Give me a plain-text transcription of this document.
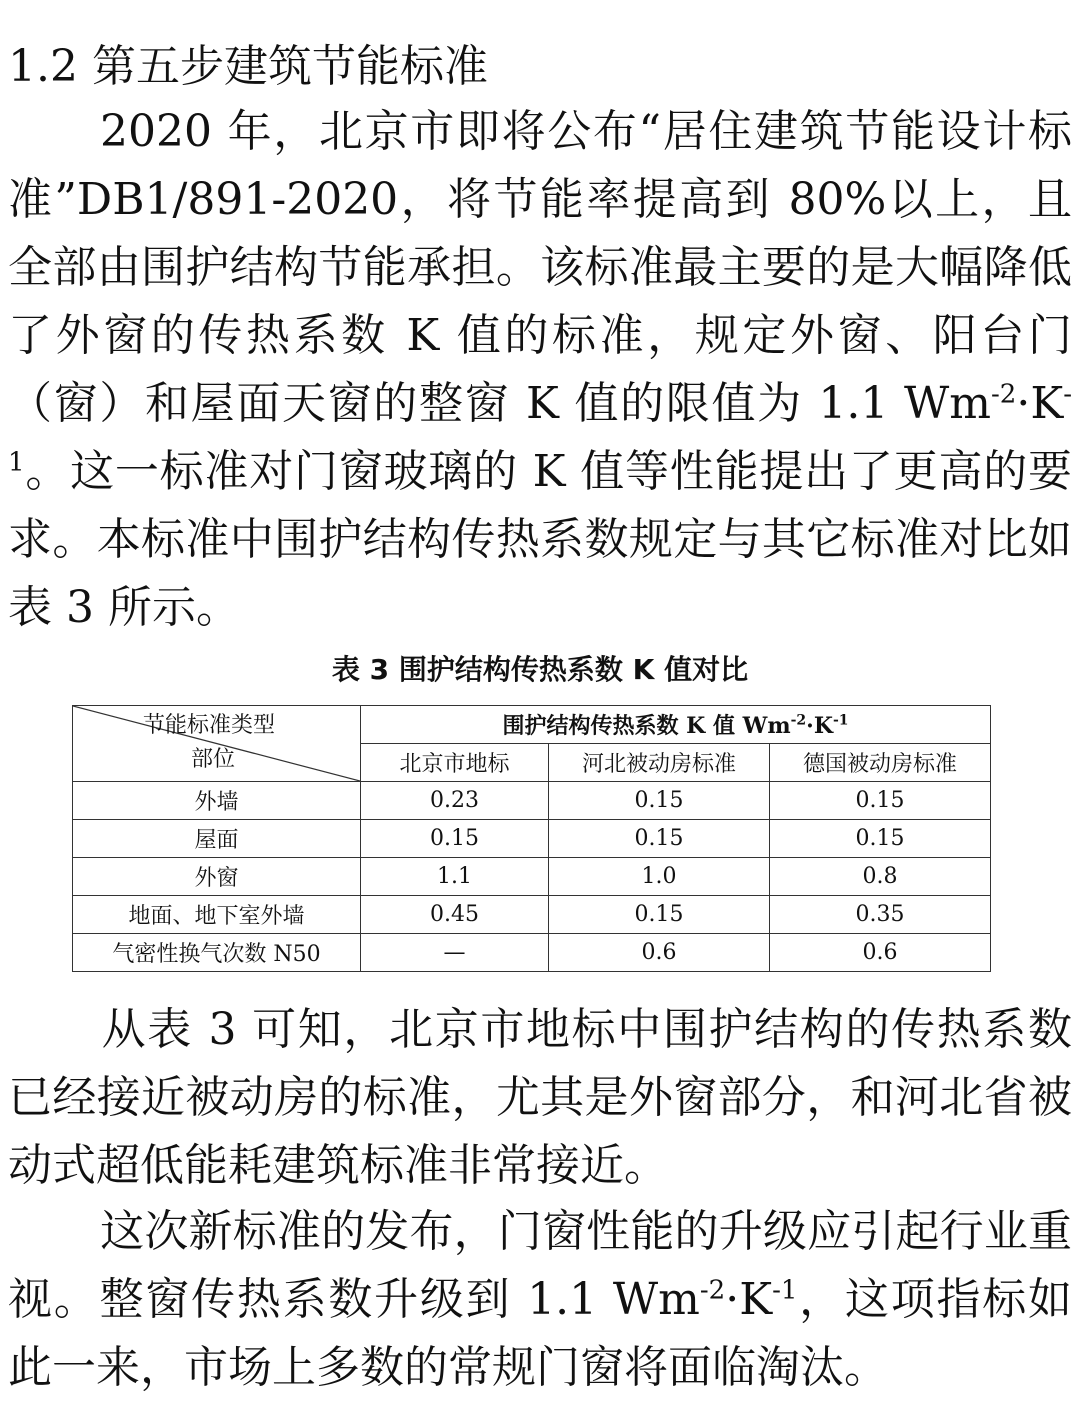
1.2 第五步建筑节能标准
2020 年，北京市即将公布“居住建筑节能设计标准”DB1/891-2020，将节能率提高到 80%以上，且全部由围护结构节能承担。该标准最主要的是大幅降低了外窗的传热系数 K 值的标准，规定外窗、阳台门（窗）和屋面天窗的整窗 K 值的限值为 1.1 $Wm^{-2}\cdot K^{-1}$。这一标准对门窗玻璃的 K 值等性能提出了更高的要求。本标准中围护结构传热系数规定与其它标准对比如表 3 所示。
表 3 围护结构传热系数 K 值对比
节能标准类型
部位	围护结构传热系数 K 值 $Wm^{-2}\cdot K^{-1}$
	北京市地标	河北被动房标准	德国被动房标准
外墙	0.23	0.15	0.15
屋面	0.15	0.15	0.15
外窗	1.1	1.0	0.8
地面、地下室外墙	0.45	0.15	0.35
气密性换气次数 N50	—	0.6	0.6
从表 3 可知，北京市地标中围护结构的传热系数已经接近被动房的标准，尤其是外窗部分，和河北省被动式超低能耗建筑标准非常接近。
这次新标准的发布，门窗性能的升级应引起行业重视。整窗传热系数升级到 1.1 $Wm^{-2}\cdot K^{-1}$，这项指标如此一来，市场上多数的常规门窗将面临淘汰。
